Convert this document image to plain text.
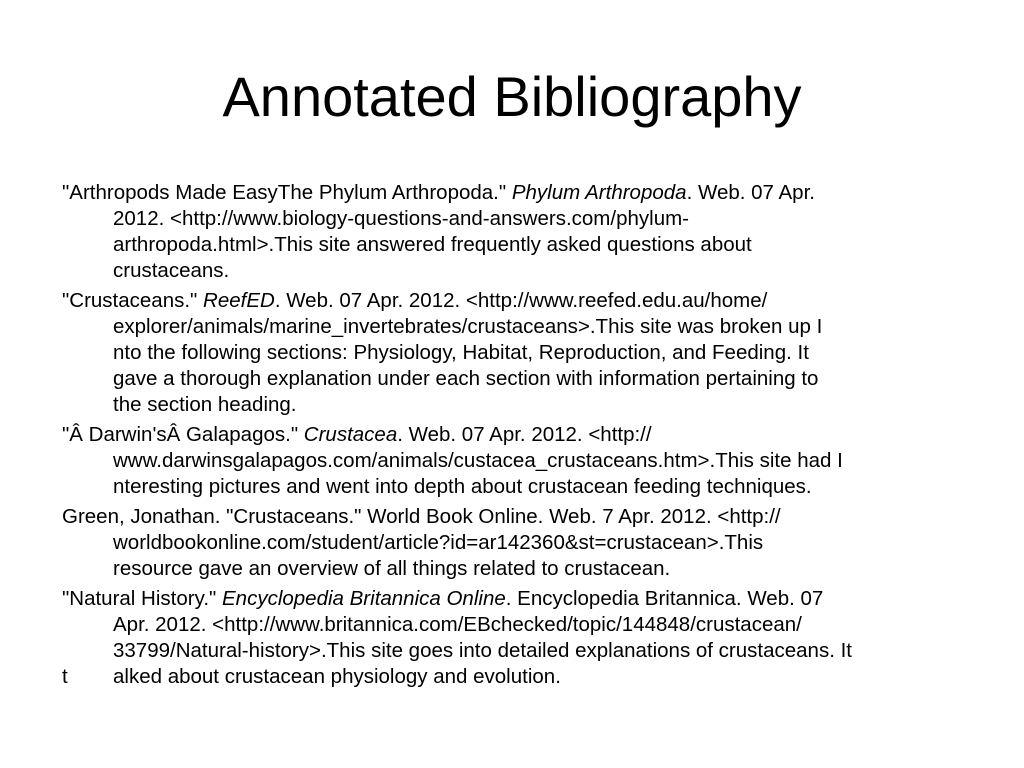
Annotated Bibliography
"Arthropods Made EasyThe Phylum Arthropoda." Phylum Arthropoda. Web. 07 Apr.
2012. <http://www.biology-questions-and-answers.com/phylum-
arthropoda.html>.This site answered frequently asked questions about
crustaceans.
"Crustaceans." ReefED. Web. 07 Apr. 2012. <http://www.reefed.edu.au/home/
explorer/animals/marine_invertebrates/crustaceans>.This site was broken up I
nto the following sections: Physiology, Habitat, Reproduction, and Feeding. It
gave a thorough explanation under each section with information pertaining to
the section heading.
"Â Darwin'sÂ Galapagos." Crustacea. Web. 07 Apr. 2012. <http://
www.darwinsgalapagos.com/animals/custacea_crustaceans.htm>.This site had I
nteresting pictures and went into depth about crustacean feeding techniques.
Green, Jonathan. "Crustaceans." World Book Online. Web. 7 Apr. 2012. <http://
worldbookonline.com/student/article?id=ar142360&st=crustacean>.This
resource gave an overview of all things related to crustacean.
"Natural History." Encyclopedia Britannica Online. Encyclopedia Britannica. Web. 07
Apr. 2012. <http://www.britannica.com/EBchecked/topic/144848/crustacean/
33799/Natural-history>.This site goes into detailed explanations of crustaceans. It
t alked about crustacean physiology and evolution.
